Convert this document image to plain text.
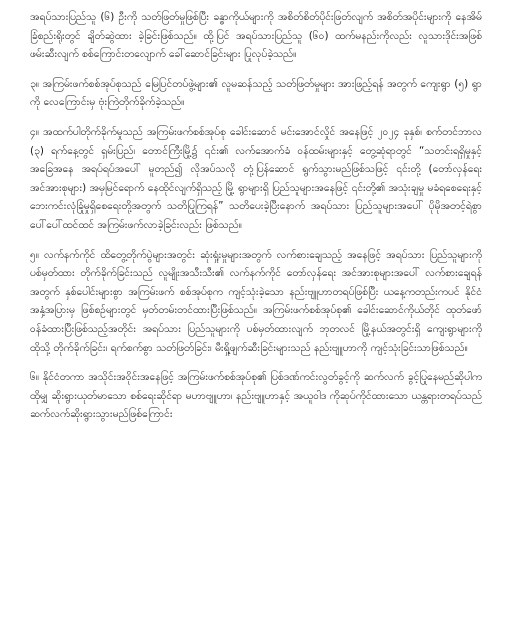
အရပ်သားပြည်သူ (၆) ဦးကို သတ်ဖြတ်မှုဖြစ်ပြီး ခန္ဓာကိုယ်များကို အစိတ်စိတ်ပိုင်းဖြတ်လျက် အစိတ်အပိုင်းများကို နေအိမ်ခြံစည်းရိုးတွင် ချိတ်ဆွဲထား ခဲ့ခြင်းဖြစ်သည်။ ထို့ပြင် အရပ်သားပြည်သူ (၆၀) ထက်မနည်းကိုလည်း လူသားဒိုင်းအဖြစ် ဖမ်းဆီးလျက် စစ်ကြောင်းတလျောက် ခေါ်ဆောင်ခြင်းများ ပြုလုပ်ခဲ့သည်။

၃။ အကြမ်းဖက်စစ်အုပ်စုသည် မြေပြင်တပ်ဖွဲ့များ၏ လူမဆန်သည့် သတ်ဖြတ်မှုများ အားဖြည့်ရန် အတွက် ကျေးရွာ (၅) ရွာကို လေကြောင်းမှ ဗုံးကြဲတိုက်ခိုက်ခဲ့သည်။

၄။ အထက်ပါတိုက်ခိုက်မှုသည် အကြမ်းဖက်စစ်အုပ်စု ခေါင်းဆောင် မင်းအောင်လှိုင် အနေဖြင့် ၂၀၂၄ ခုနှစ်၊ စက်တင်ဘာလ (၃) ရက်နေ့တွင် ရှမ်းပြည်၊ တောင်ကြီးမြို့၌ ၎င်း၏ လက်အောက်ခံ ဝန်ထမ်းများနှင့် တွေ့ဆုံရာတွင် “သတင်းရရှိမှုနှင့် အခြေအနေ အရပ်ရပ်အပေါ် မူတည်၍ လိုအပ်သလို တုံ့ပြန်ဆောင် ရွက်သွားမည်ဖြစ်သဖြင့် ၎င်းတို့ (တော်လှန်ရေး အင်အားစုများ) အမှမြင်ရောက် နေထိုင်လျက်ရှိသည့် မြို့ ရွာများရှိ ပြည်သူများအနေဖြင့် ၎င်းတို့၏ အသုံးချမှု မခံရစေရေးနှင့် ဘေးကင်းလုံခြုံမှုရှိစေရေးတို့အတွက် သတိပြုကြရန်” သတိပေးခဲ့ပြီးနောက် အရပ်သား ပြည်သူများအပေါ် ပိုမိုအတင့်ရဲစွာ ပေါ်ပေါ်ထင်ထင် အကြမ်းဖက်လာခဲ့ခြင်းလည်း ဖြစ်သည်။

၅။ လက်နက်ကိုင် ထိတွေ့တိုက်ပွဲများအတွင်း ဆုံးရှုံးမှုများအတွက် လက်စားချေသည့် အနေဖြင့် အရပ်သား ပြည်သူများကို ပစ်မှတ်ထား တိုက်ခိုက်ခြင်းသည် လူမျိုးအသီးသီး၏ လက်နက်ကိုင် တော်လှန်ရေး အင်အားစုများအပေါ် လက်စားချေရန်အတွက် နှစ်ပေါင်းများစွာ အကြမ်းဖက် စစ်အုပ်စုက ကျင့်သုံးခဲ့သော နည်းဗျူဟာတရပ်ဖြစ်ပြီး ယနေ့ကတည်းကပင် နိုင်ငံ အနှံ့အပြားမှ ဖြစ်စဉ်များတွင် မှတ်တမ်းတင်ထားပြီးဖြစ်သည်။ အကြမ်းဖက်စစ်အုပ်စု၏ ခေါင်းဆောင်ကိုယ်တိုင် ထုတ်ဖော်ဝန်ခံထားပြီးဖြစ်သည့်အတိုင်း အရပ်သား ပြည်သူများကို ပစ်မှတ်ထားလျက် ဘုတလင် မြို့နယ်အတွင်းရှိ ကျေးရွာများကို ထိုသို့ တိုက်ခိုက်ခြင်း၊ ရက်စက်စွာ သတ်ဖြတ်ခြင်း၊ မီးရှို့ဖျက်ဆီးခြင်းများသည် နည်းဗျူဟာကို ကျင့်သုံးခြင်းသာဖြစ်သည်။

၆။ နိုင်ငံတကာ အသိုင်းအဝိုင်းအနေဖြင့် အကြမ်းဖက်စစ်အုပ်စု၏ ပြစ်ဒဏ်ကင်းလွတ်ခွင့်ကို ဆက်လက် ခွင့်ပြုနေမည်ဆိုပါက ထိုမျှ ဆိုးရွားယုတ်မာသော စစ်ရေးဆိုင်ရာ မဟာဗျူဟာ၊ နည်းဗျူဟာနှင့် အယူဝါဒ ကိုဆုပ်ကိုင်ထားသော ယန္တရားတရပ်သည် ဆက်လက်ဆိုးရွားသွားမည်ဖြစ်ကြောင်း
